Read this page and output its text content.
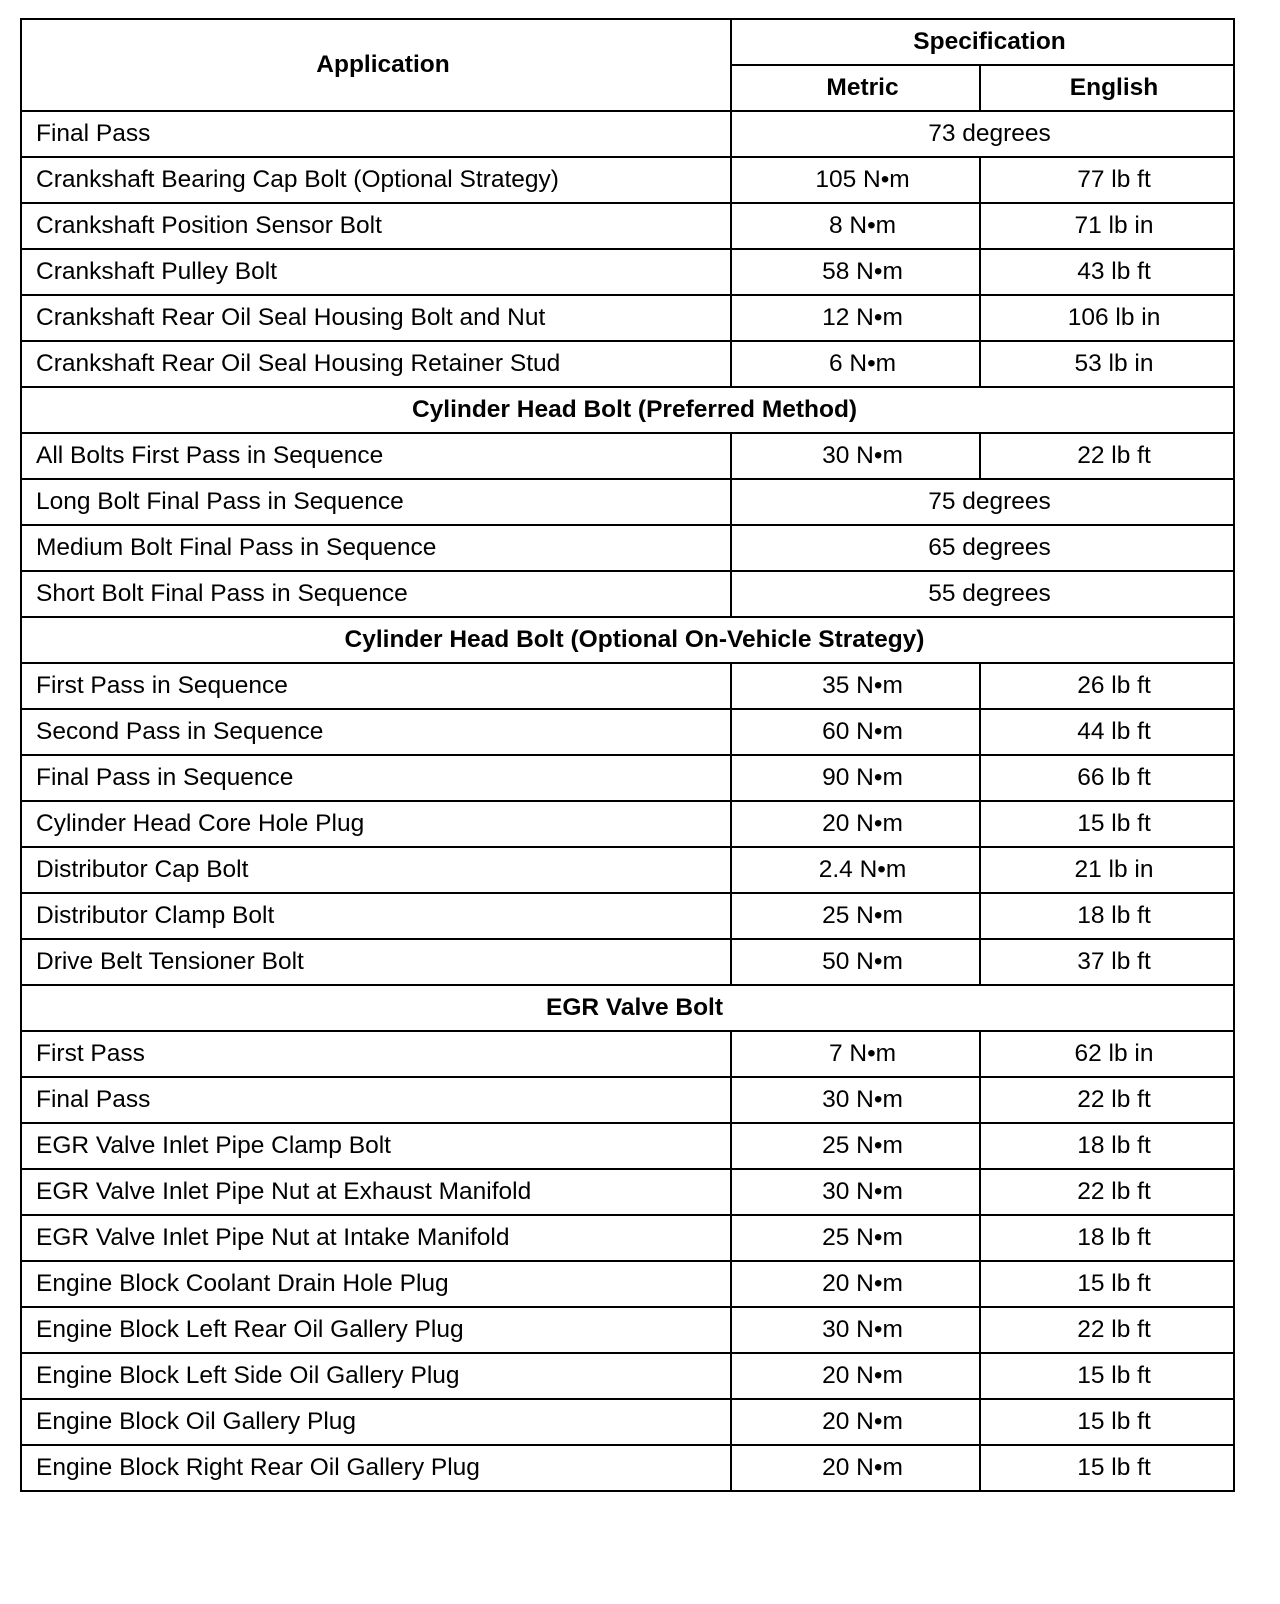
Application	Specification	
	Metric	English
Final Pass	73 degrees	
Crankshaft Bearing Cap Bolt (Optional Strategy)	105 N•m	77 lb ft
Crankshaft Position Sensor Bolt	8 N•m	71 lb in
Crankshaft Pulley Bolt	58 N•m	43 lb ft
Crankshaft Rear Oil Seal Housing Bolt and Nut	12 N•m	106 lb in
Crankshaft Rear Oil Seal Housing Retainer Stud	6 N•m	53 lb in
Cylinder Head Bolt (Preferred Method)		
All Bolts First Pass in Sequence	30 N•m	22 lb ft
Long Bolt Final Pass in Sequence	75 degrees	
Medium Bolt Final Pass in Sequence	65 degrees	
Short Bolt Final Pass in Sequence	55 degrees	
Cylinder Head Bolt (Optional On-Vehicle Strategy)		
First Pass in Sequence	35 N•m	26 lb ft
Second Pass in Sequence	60 N•m	44 lb ft
Final Pass in Sequence	90 N•m	66 lb ft
Cylinder Head Core Hole Plug	20 N•m	15 lb ft
Distributor Cap Bolt	2.4 N•m	21 lb in
Distributor Clamp Bolt	25 N•m	18 lb ft
Drive Belt Tensioner Bolt	50 N•m	37 lb ft
EGR Valve Bolt		
First Pass	7 N•m	62 lb in
Final Pass	30 N•m	22 lb ft
EGR Valve Inlet Pipe Clamp Bolt	25 N•m	18 lb ft
EGR Valve Inlet Pipe Nut at Exhaust Manifold	30 N•m	22 lb ft
EGR Valve Inlet Pipe Nut at Intake Manifold	25 N•m	18 lb ft
Engine Block Coolant Drain Hole Plug	20 N•m	15 lb ft
Engine Block Left Rear Oil Gallery Plug	30 N•m	22 lb ft
Engine Block Left Side Oil Gallery Plug	20 N•m	15 lb ft
Engine Block Oil Gallery Plug	20 N•m	15 lb ft
Engine Block Right Rear Oil Gallery Plug	20 N•m	15 lb ft
